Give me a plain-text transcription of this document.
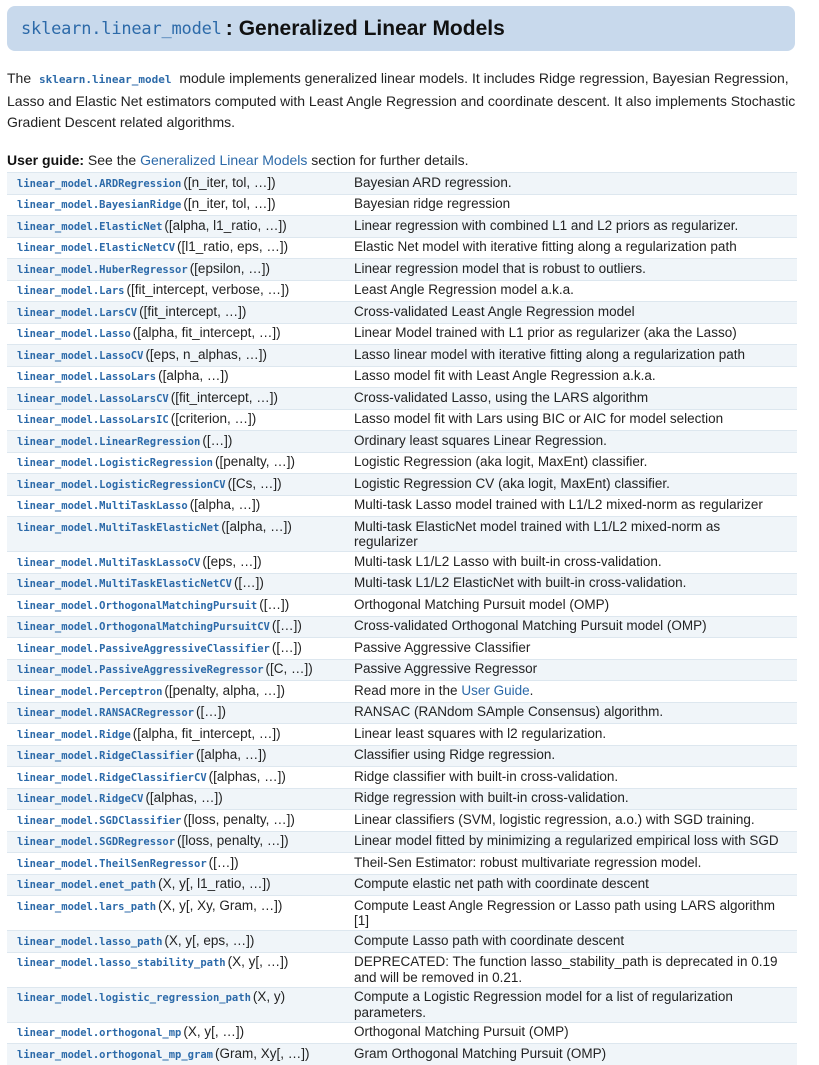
sklearn.linear_model : Generalized Linear Models
The sklearn.linear_model module implements generalized linear models. It includes Ridge regression, Bayesian Regression, Lasso and Elastic Net estimators computed with Least Angle Regression and coordinate descent. It also implements Stochastic Gradient Descent related algorithms.
User guide: See the Generalized Linear Models section for further details.
linear_model.ARDRegression ([n_iter, tol, …])	Bayesian ARD regression.
linear_model.BayesianRidge ([n_iter, tol, …])	Bayesian ridge regression
linear_model.ElasticNet ([alpha, l1_ratio, …])	Linear regression with combined L1 and L2 priors as regularizer.
linear_model.ElasticNetCV ([l1_ratio, eps, …])	Elastic Net model with iterative fitting along a regularization path
linear_model.HuberRegressor ([epsilon, …])	Linear regression model that is robust to outliers.
linear_model.Lars ([fit_intercept, verbose, …])	Least Angle Regression model a.k.a.
linear_model.LarsCV ([fit_intercept, …])	Cross-validated Least Angle Regression model
linear_model.Lasso ([alpha, fit_intercept, …])	Linear Model trained with L1 prior as regularizer (aka the Lasso)
linear_model.LassoCV ([eps, n_alphas, …])	Lasso linear model with iterative fitting along a regularization path
linear_model.LassoLars ([alpha, …])	Lasso model fit with Least Angle Regression a.k.a.
linear_model.LassoLarsCV ([fit_intercept, …])	Cross-validated Lasso, using the LARS algorithm
linear_model.LassoLarsIC ([criterion, …])	Lasso model fit with Lars using BIC or AIC for model selection
linear_model.LinearRegression ([…])	Ordinary least squares Linear Regression.
linear_model.LogisticRegression ([penalty, …])	Logistic Regression (aka logit, MaxEnt) classifier.
linear_model.LogisticRegressionCV ([Cs, …])	Logistic Regression CV (aka logit, MaxEnt) classifier.
linear_model.MultiTaskLasso ([alpha, …])	Multi-task Lasso model trained with L1/L2 mixed-norm as regularizer
linear_model.MultiTaskElasticNet ([alpha, …])	Multi-task ElasticNet model trained with L1/L2 mixed-norm as regularizer
linear_model.MultiTaskLassoCV ([eps, …])	Multi-task L1/L2 Lasso with built-in cross-validation.
linear_model.MultiTaskElasticNetCV ([…])	Multi-task L1/L2 ElasticNet with built-in cross-validation.
linear_model.OrthogonalMatchingPursuit ([…])	Orthogonal Matching Pursuit model (OMP)
linear_model.OrthogonalMatchingPursuitCV ([…])	Cross-validated Orthogonal Matching Pursuit model (OMP)
linear_model.PassiveAggressiveClassifier ([…])	Passive Aggressive Classifier
linear_model.PassiveAggressiveRegressor ([C, …])	Passive Aggressive Regressor
linear_model.Perceptron ([penalty, alpha, …])	Read more in the User Guide.
linear_model.RANSACRegressor ([…])	RANSAC (RANdom SAmple Consensus) algorithm.
linear_model.Ridge ([alpha, fit_intercept, …])	Linear least squares with l2 regularization.
linear_model.RidgeClassifier ([alpha, …])	Classifier using Ridge regression.
linear_model.RidgeClassifierCV ([alphas, …])	Ridge classifier with built-in cross-validation.
linear_model.RidgeCV ([alphas, …])	Ridge regression with built-in cross-validation.
linear_model.SGDClassifier ([loss, penalty, …])	Linear classifiers (SVM, logistic regression, a.o.) with SGD training.
linear_model.SGDRegressor ([loss, penalty, …])	Linear model fitted by minimizing a regularized empirical loss with SGD
linear_model.TheilSenRegressor ([…])	Theil-Sen Estimator: robust multivariate regression model.
linear_model.enet_path (X, y[, l1_ratio, …])	Compute elastic net path with coordinate descent
linear_model.lars_path (X, y[, Xy, Gram, …])	Compute Least Angle Regression or Lasso path using LARS algorithm [1]
linear_model.lasso_path (X, y[, eps, …])	Compute Lasso path with coordinate descent
linear_model.lasso_stability_path (X, y[, …])	DEPRECATED: The function lasso_stability_path is deprecated in 0.19 and will be removed in 0.21.
linear_model.logistic_regression_path (X, y)	Compute a Logistic Regression model for a list of regularization parameters.
linear_model.orthogonal_mp (X, y[, …])	Orthogonal Matching Pursuit (OMP)
linear_model.orthogonal_mp_gram (Gram, Xy[, …])	Gram Orthogonal Matching Pursuit (OMP)
